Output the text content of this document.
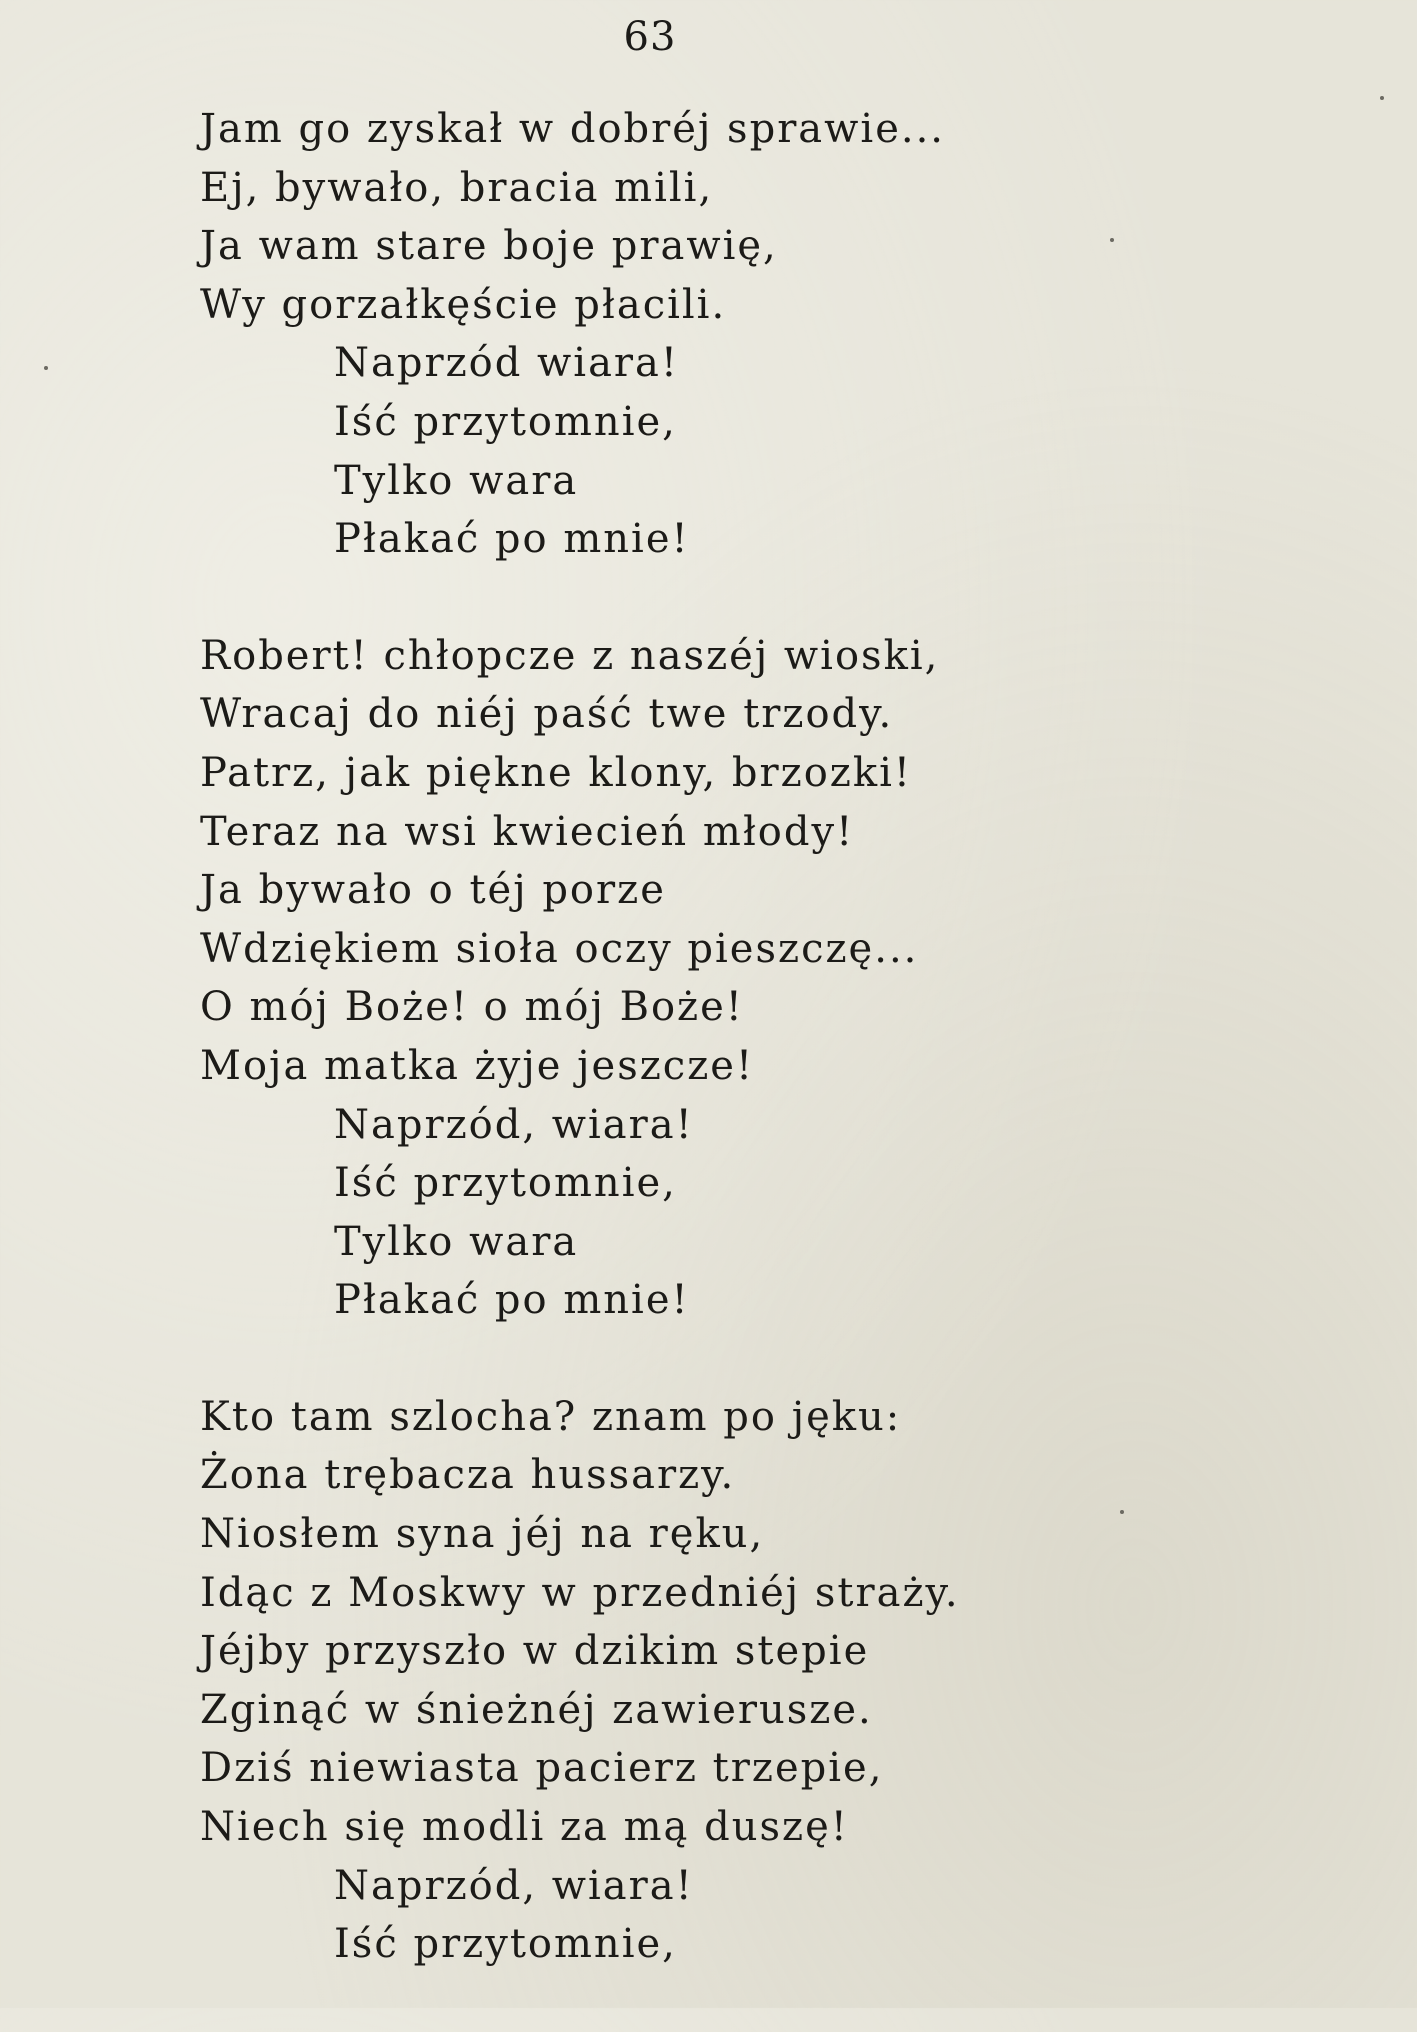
63
Jam go zyskał w dobréj sprawie...
Ej, bywało, bracia mili,
Ja wam stare boje prawię,
Wy gorzałkęście płacili.
Naprzód wiara!
Iść przytomnie,
Tylko wara
Płakać po mnie!
Robert! chłopcze z naszéj wioski,
Wracaj do niéj paść twe trzody.
Patrz, jak piękne klony, brzozki!
Teraz na wsi kwiecień młody!
Ja bywało o téj porze
Wdziękiem sioła oczy pieszczę...
O mój Boże! o mój Boże!
Moja matka żyje jeszcze!
Naprzód, wiara!
Iść przytomnie,
Tylko wara
Płakać po mnie!
Kto tam szlocha? znam po jęku:
Żona trębacza hussarzy.
Niosłem syna jéj na ręku,
Idąc z Moskwy w przedniéj straży.
Jéjby przyszło w dzikim stepie
Zginąć w śnieżnéj zawierusze.
Dziś niewiasta pacierz trzepie,
Niech się modli za mą duszę!
Naprzód, wiara!
Iść przytomnie,
